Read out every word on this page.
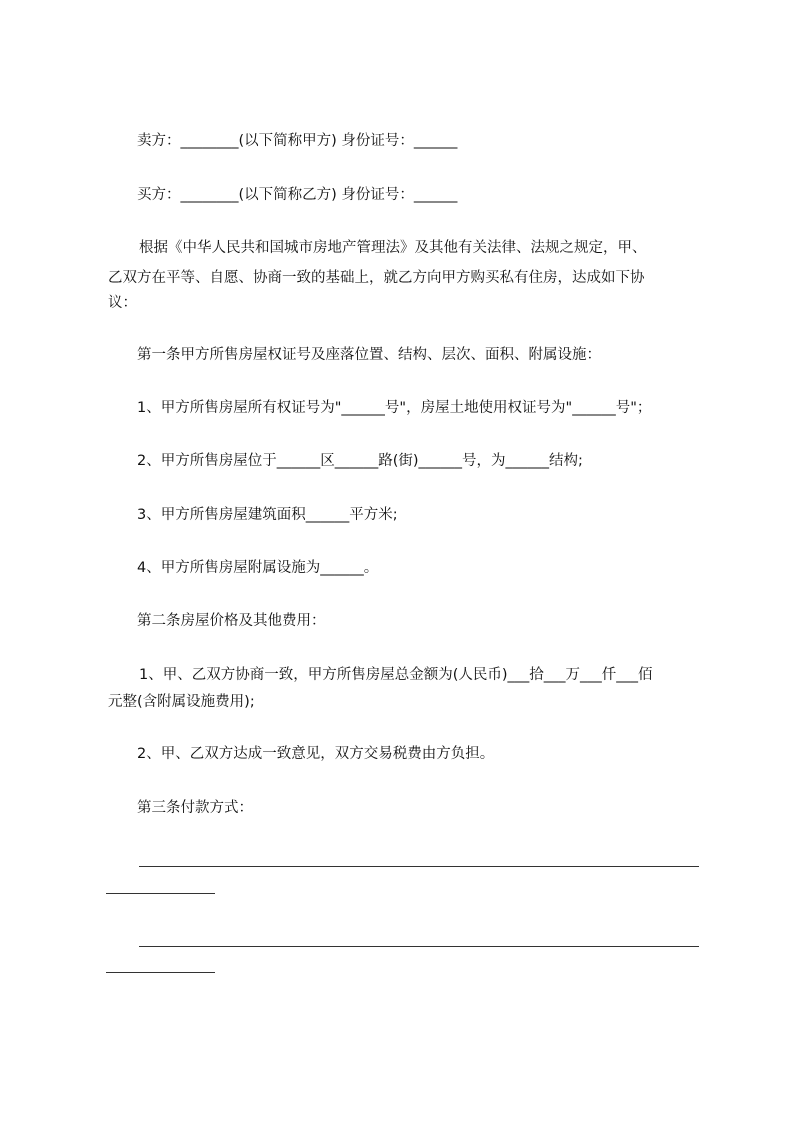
卖方：________(以下简称甲方) 身份证号：______

买方：________(以下简称乙方) 身份证号：______

根据《中华人民共和国城市房地产管理法》及其他有关法律、法规之规定，甲、

乙双方在平等、自愿、协商一致的基础上，就乙方向甲方购买私有住房，达成如下协

议：

第一条甲方所售房屋权证号及座落位置、结构、层次、面积、附属设施：

1、甲方所售房屋所有权证号为"______号"，房屋土地使用权证号为"______号"；

2、甲方所售房屋位于______区______路(街)______号，为______结构;

3、甲方所售房屋建筑面积______平方米;

4、甲方所售房屋附属设施为______。

第二条房屋价格及其他费用：

1、甲、乙双方协商一致，甲方所售房屋总金额为(人民币)___拾___万___仟___佰

元整(含附属设施费用);

2、甲、乙双方达成一致意见，双方交易税费由方负担。

第三条付款方式：
